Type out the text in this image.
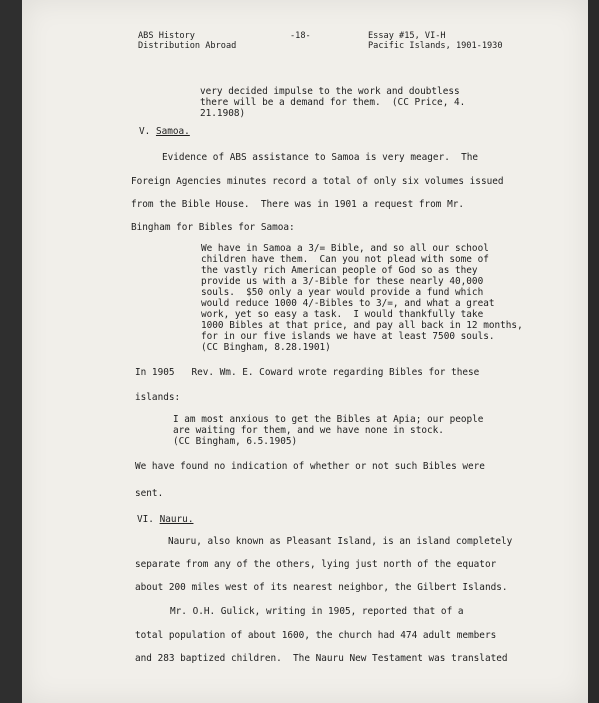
ABS History
Distribution Abroad
-18-	Essay #15, VI-H
Pacific Islands, 1901-1930
very decided impulse to the work and doubtless
there will be a demand for them.  (CC Price, 4.
21.1908)
V. Samoa.
Evidence of ABS assistance to Samoa is very meager.  The
Foreign Agencies minutes record a total of only six volumes issued
from the Bible House.  There was in 1901 a request from Mr.
Bingham for Bibles for Samoa:
We have in Samoa a 3/= Bible, and so all our school
children have them.  Can you not plead with some of
the vastly rich American people of God so as they
provide us with a 3/-Bible for these nearly 40,000
souls.  $50 only a year would provide a fund which
would reduce 1000 4/-Bibles to 3/=, and what a great
work, yet so easy a task.  I would thankfully take
1000 Bibles at that price, and pay all back in 12 months,
for in our five islands we have at least 7500 souls.
(CC Bingham, 8.28.1901)
In 1905   Rev. Wm. E. Coward wrote regarding Bibles for these
islands:
I am most anxious to get the Bibles at Apia; our people
are waiting for them, and we have none in stock.
(CC Bingham, 6.5.1905)
We have found no indication of whether or not such Bibles were
sent.
VI. Nauru.
Nauru, also known as Pleasant Island, is an island completely
separate from any of the others, lying just north of the equator
about 200 miles west of its nearest neighbor, the Gilbert Islands.
Mr. O.H. Gulick, writing in 1905, reported that of a
total population of about 1600, the church had 474 adult members
and 283 baptized children.  The Nauru New Testament was translated
